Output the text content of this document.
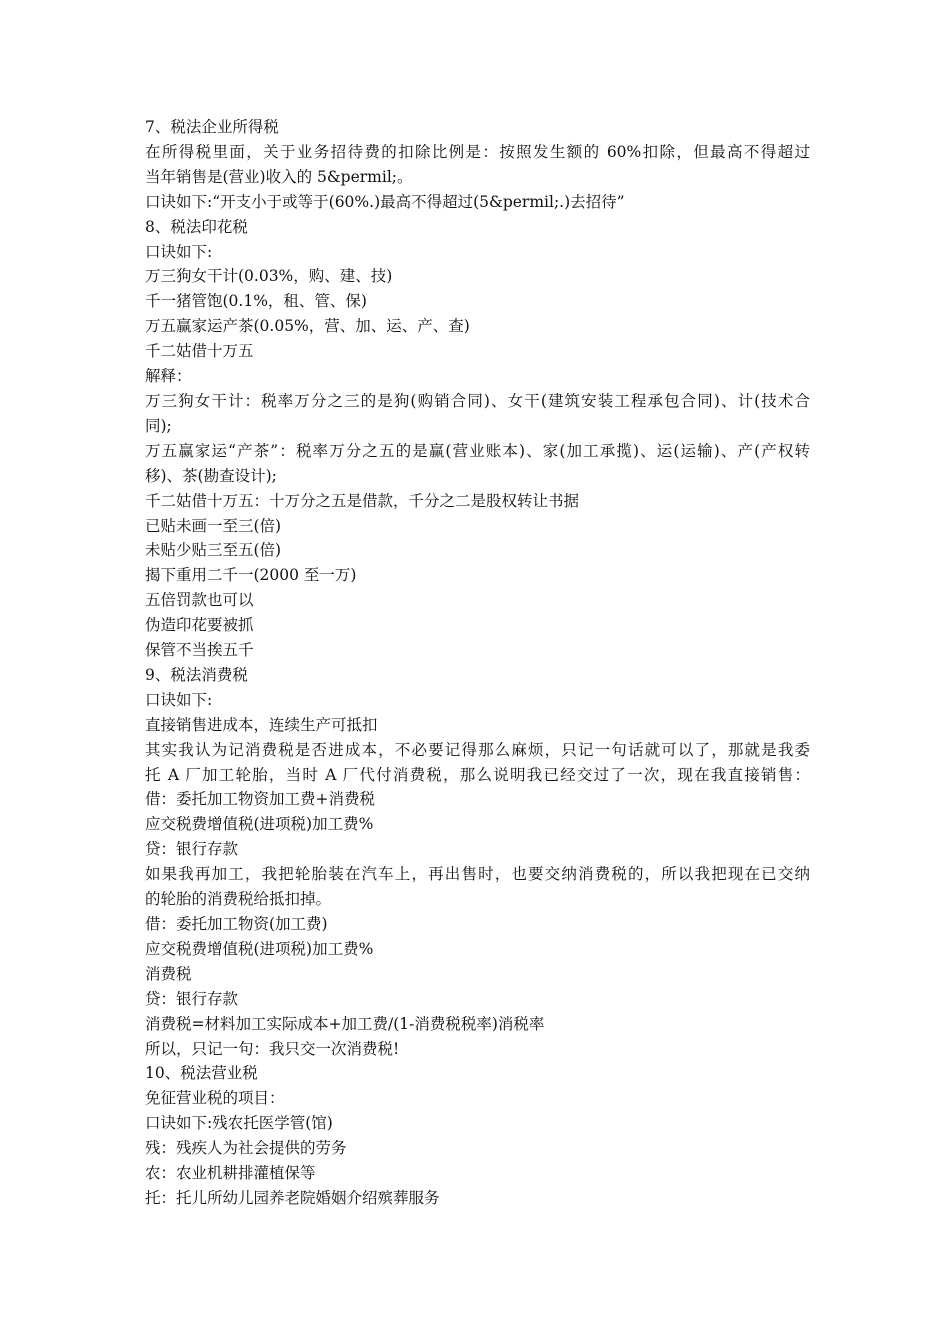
7、税法企业所得税
在所得税里面，关于业务招待费的扣除比例是：按照发生额的 60%扣除，但最高不得超过
当年销售是(营业)收入的 5&permil;。
口诀如下:“开支小于或等于(60%.)最高不得超过(5&permil;.)去招待”
8、税法印花税
口诀如下:
万三狗女干计(0.03%，购、建、技)
千一猪管饱(0.1%，租、管、保)
万五赢家运产茶(0.05%，营、加、运、产、查)
千二姑借十万五
解释：
万三狗女干计：税率万分之三的是狗(购销合同)、女干(建筑安装工程承包合同)、计(技术合
同);
万五赢家运“产茶”：税率万分之五的是赢(营业账本)、家(加工承揽)、运(运输)、产(产权转
移)、茶(勘查设计);
千二姑借十万五：十万分之五是借款，千分之二是股权转让书据
已贴未画一至三(倍)
未贴少贴三至五(倍)
揭下重用二千一(2000 至一万)
五倍罚款也可以
伪造印花要被抓
保管不当挨五千
9、税法消费税
口诀如下:
直接销售进成本，连续生产可抵扣
其实我认为记消费税是否进成本，不必要记得那么麻烦，只记一句话就可以了，那就是我委
托 A 厂加工轮胎，当时 A 厂代付消费税，那么说明我已经交过了一次，现在我直接销售：
借：委托加工物资加工费+消费税
应交税费增值税(进项税)加工费%
贷：银行存款
如果我再加工，我把轮胎装在汽车上，再出售时，也要交纳消费税的，所以我把现在已交纳
的轮胎的消费税给抵扣掉。
借：委托加工物资(加工费)
应交税费增值税(进项税)加工费%
消费税
贷：银行存款
消费税=材料加工实际成本+加工费/(1-消费税税率)消税率
所以，只记一句：我只交一次消费税!
10、税法营业税
免征营业税的项目：
口诀如下:残农托医学管(馆)
残：残疾人为社会提供的劳务
农：农业机耕排灌植保等
托：托儿所幼儿园养老院婚姻介绍殡葬服务
